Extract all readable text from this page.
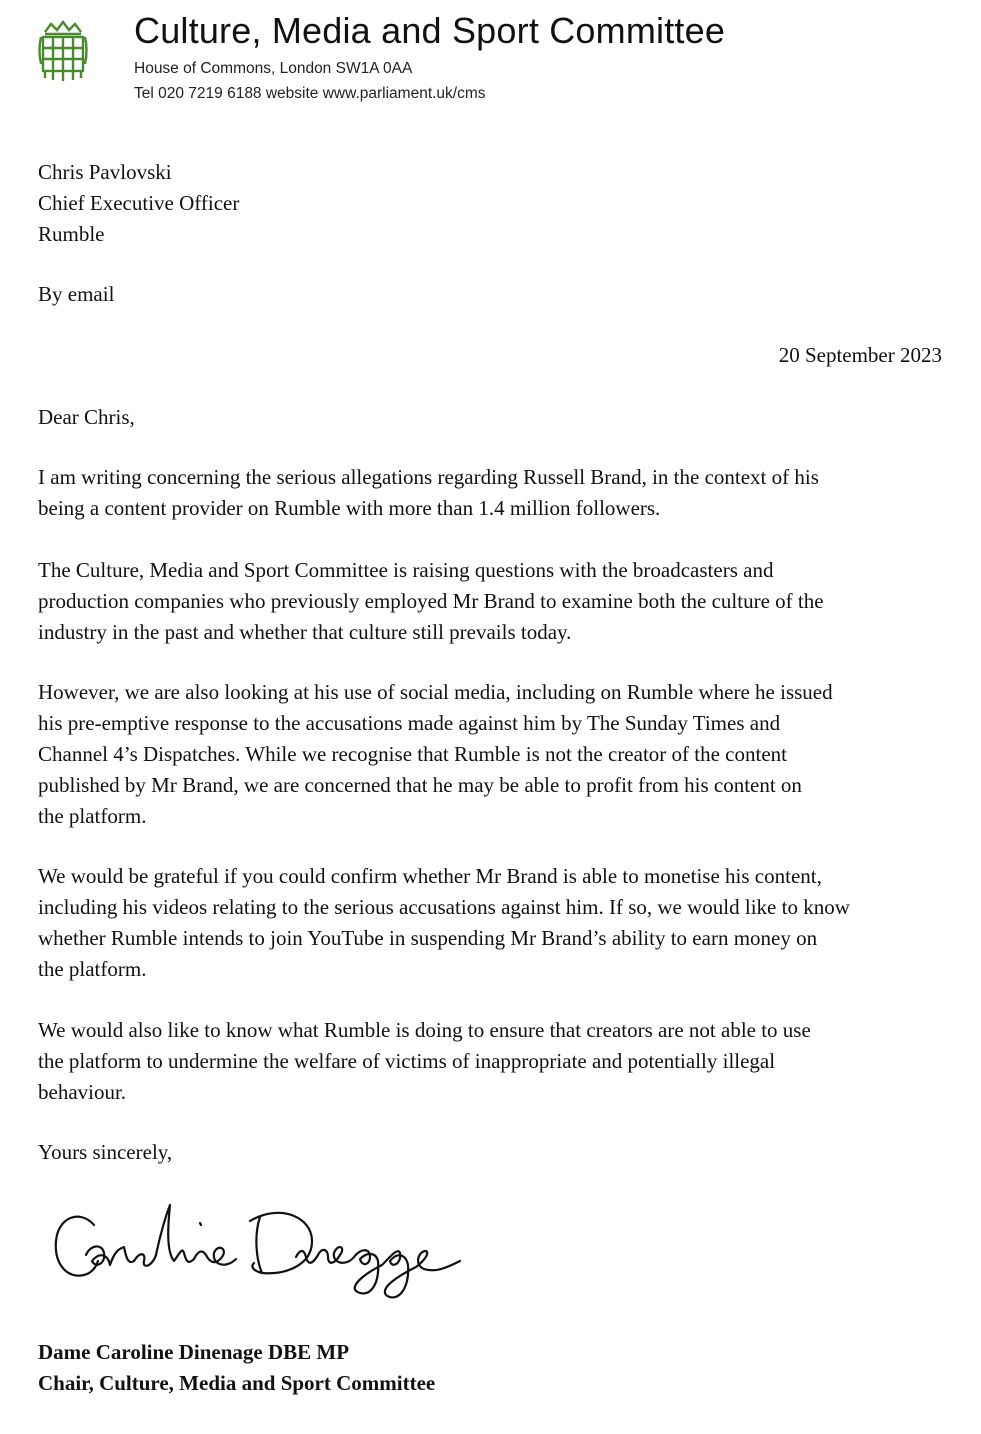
Culture, Media and Sport Committee
House of Commons, London SW1A 0AA
Tel 020 7219 6188 website www.parliament.uk/cms
Chris Pavlovski
Chief Executive Officer
Rumble
By email
20 September 2023
Dear Chris,
I am writing concerning the serious allegations regarding Russell Brand, in the context of his
being a content provider on Rumble with more than 1.4 million followers.
The Culture, Media and Sport Committee is raising questions with the broadcasters and
production companies who previously employed Mr Brand to examine both the culture of the
industry in the past and whether that culture still prevails today.
However, we are also looking at his use of social media, including on Rumble where he issued
his pre-emptive response to the accusations made against him by The Sunday Times and
Channel 4’s Dispatches. While we recognise that Rumble is not the creator of the content
published by Mr Brand, we are concerned that he may be able to profit from his content on
the platform.
We would be grateful if you could confirm whether Mr Brand is able to monetise his content,
including his videos relating to the serious accusations against him. If so, we would like to know
whether Rumble intends to join YouTube in suspending Mr Brand’s ability to earn money on
the platform.
We would also like to know what Rumble is doing to ensure that creators are not able to use
the platform to undermine the welfare of victims of inappropriate and potentially illegal
behaviour.
Yours sincerely,
Dame Caroline Dinenage DBE MP
Chair, Culture, Media and Sport Committee
